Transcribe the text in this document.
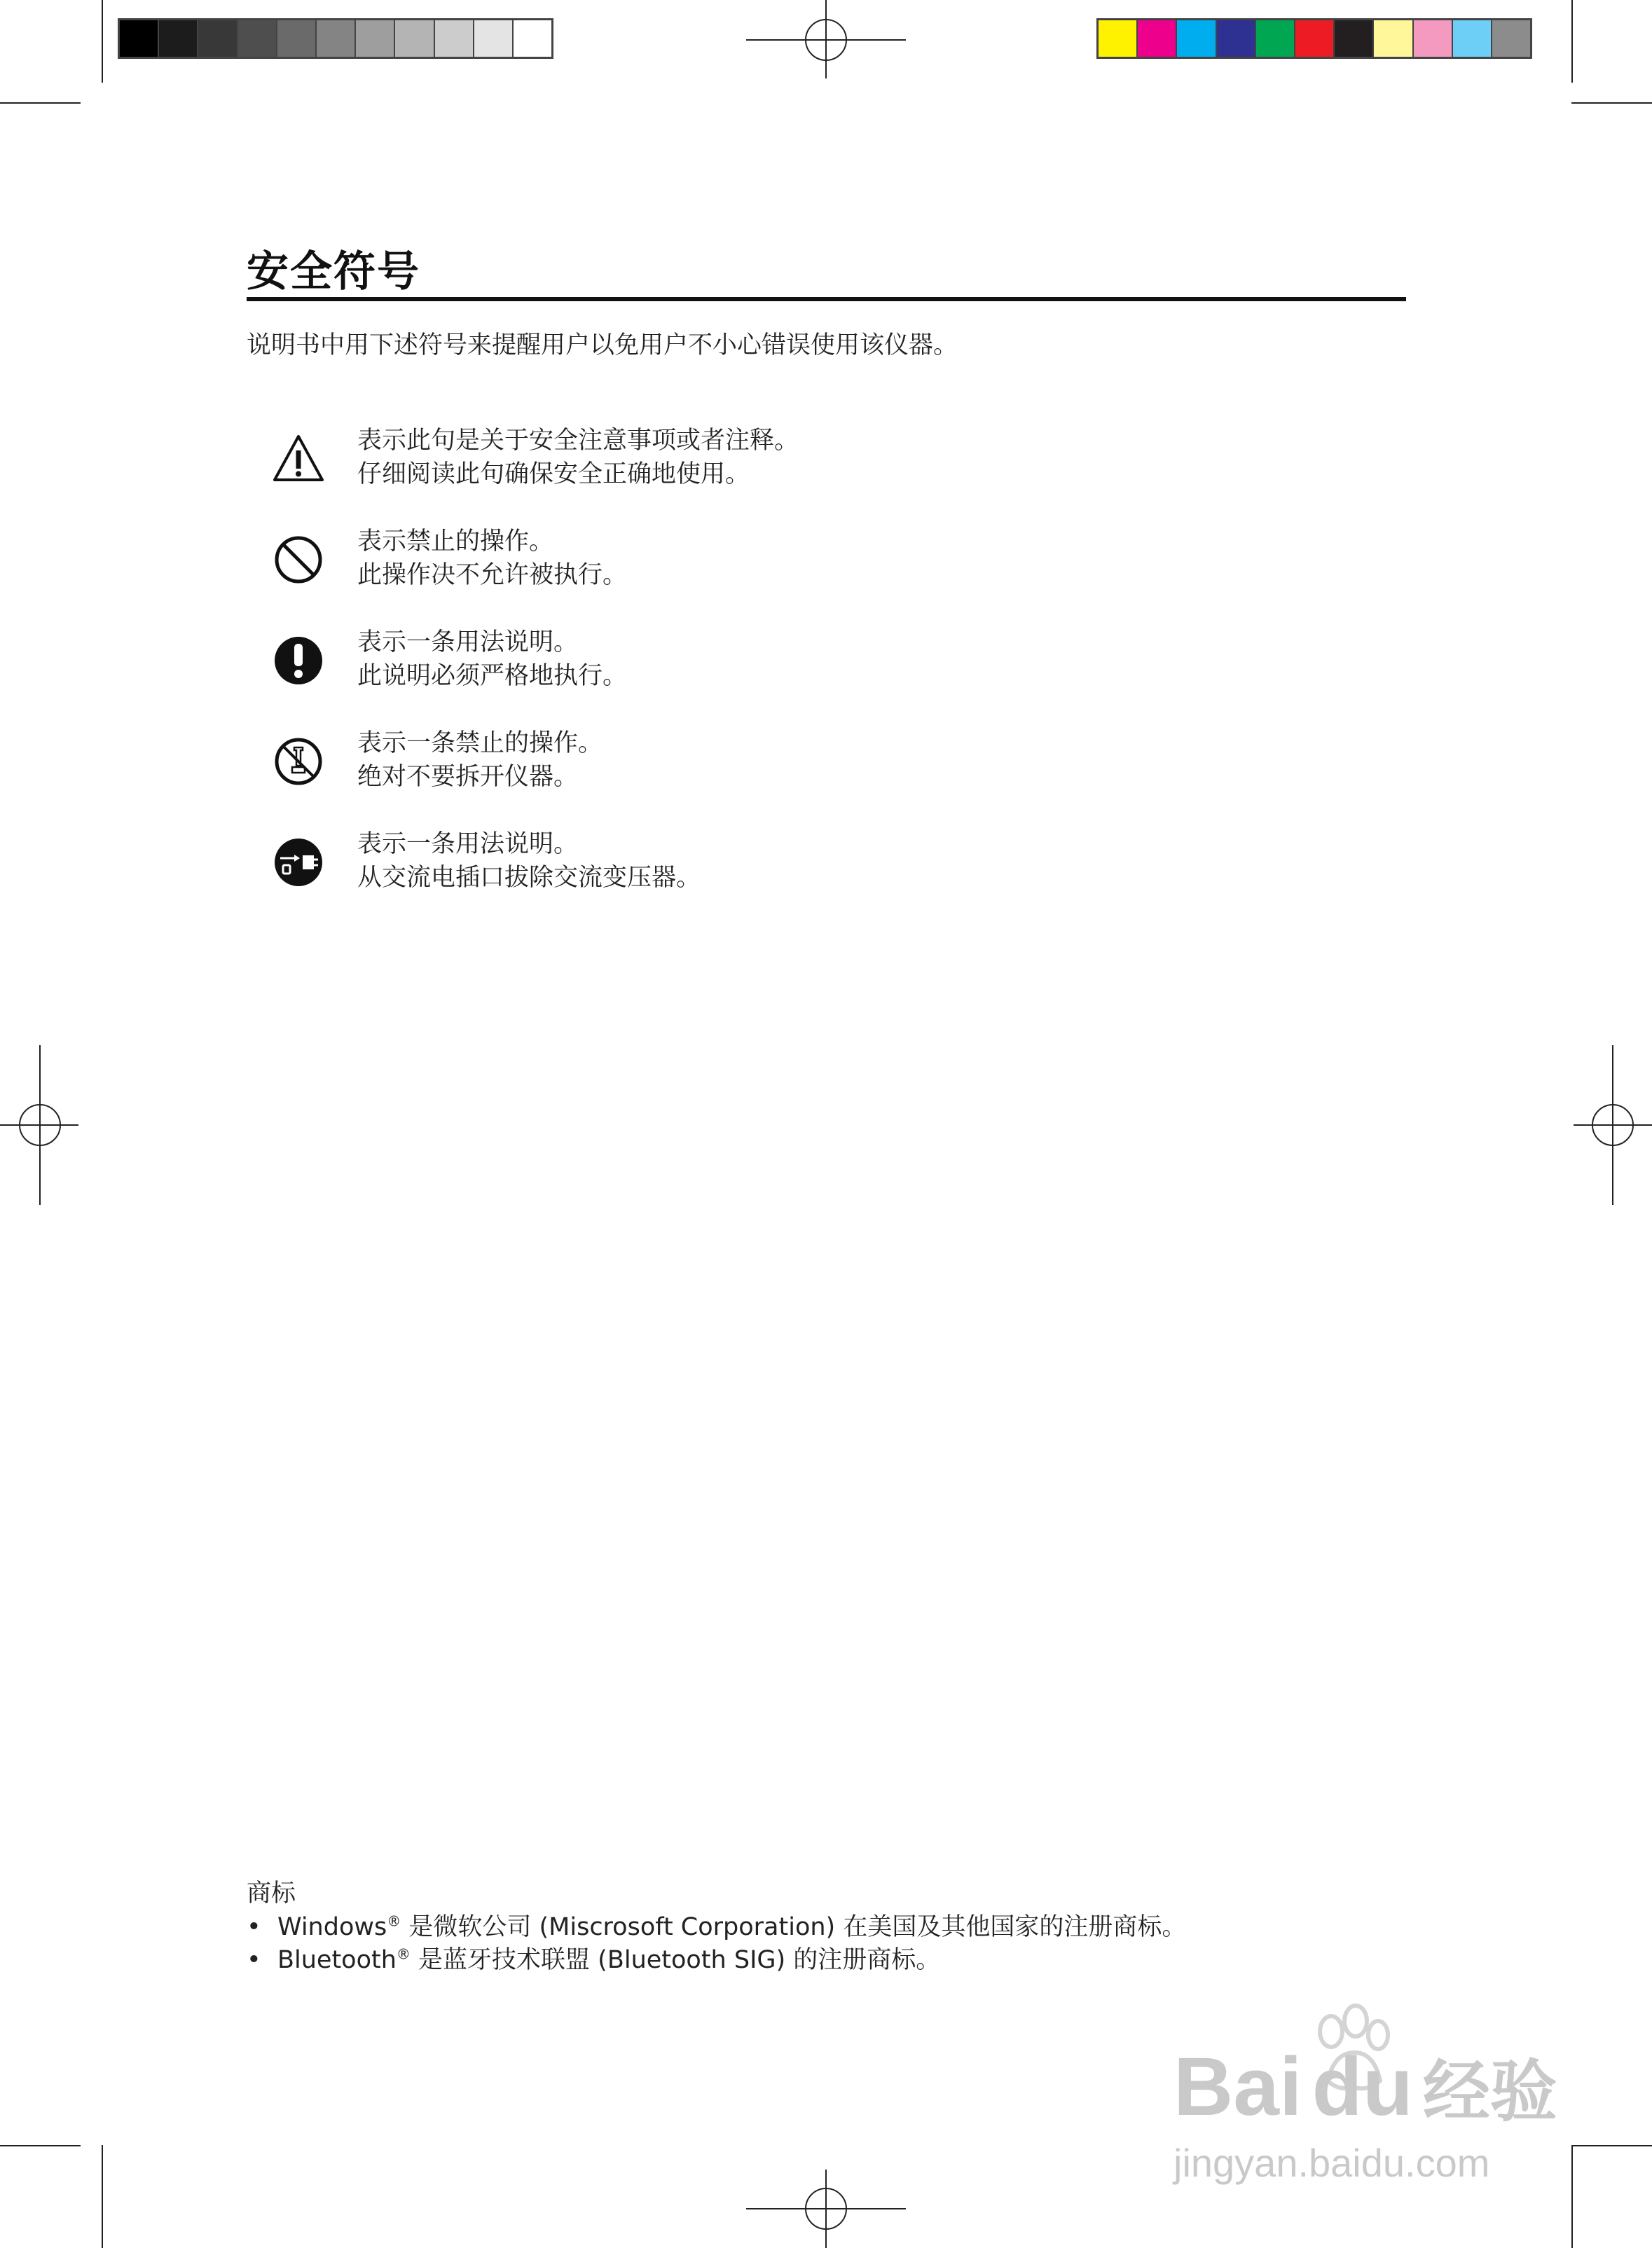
安全符号
说明书中用下述符号来提醒用户以免用户不小心错误使用该仪器。
表示此句是关于安全注意事项或者注释。
仔细阅读此句确保安全正确地使用。
表示禁止的操作。
此操作决不允许被执行。
表示一条用法说明。
此说明必须严格地执行。
表示一条禁止的操作。
绝对不要拆开仪器。
表示一条用法说明。
从交流电插口拔除交流变压器。
商标
• Windows® 是微软公司 (Miscrosoft Corporation) 在美国及其他国家的注册商标。
• Bluetooth® 是蓝牙技术联盟 (Bluetooth SIG) 的注册商标。
Bai du 经验
jingyan.baidu.com
